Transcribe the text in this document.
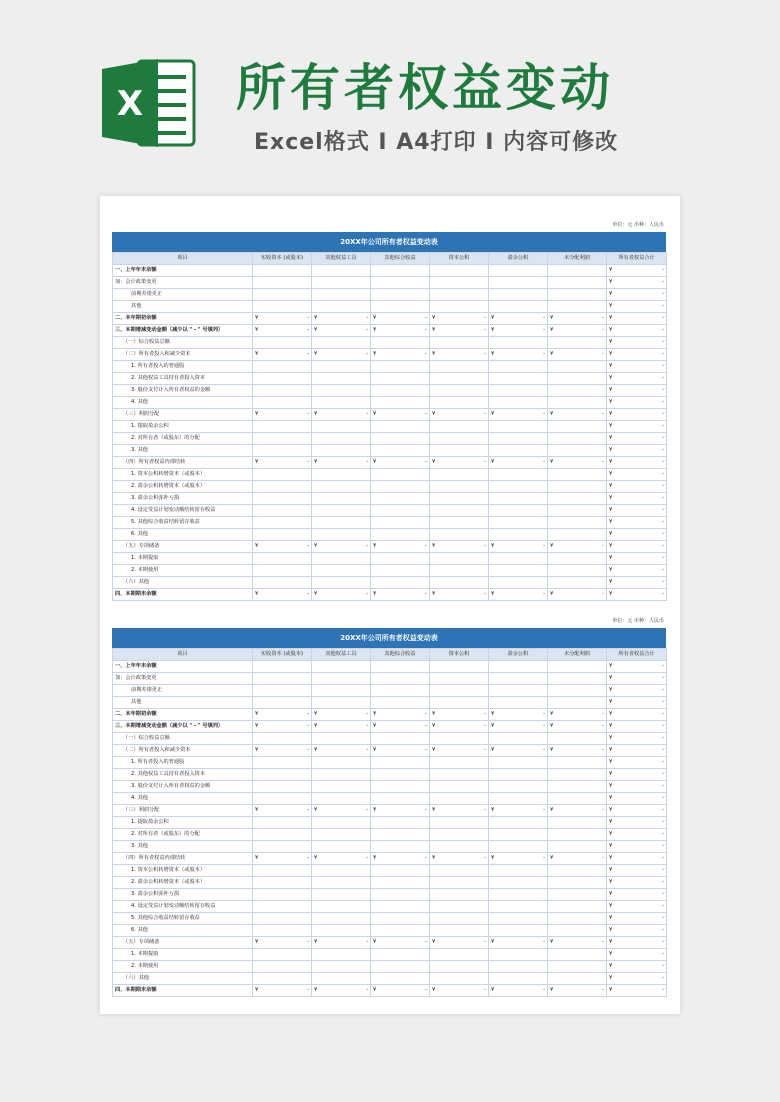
X 所有者权益变动
Excel格式 I A4打印 I 内容可修改
单位：元 币种：人民币
20XX年公司所有者权益变动表
项目	实收资本 (或股本)	其他权益工具	其他综合收益	资本公积	盈余公积	未分配利润	所有者权益合计
一、上年年末余额							¥ -

加：会计政策变更							¥ -

前期差错更正							¥ -

其他							¥ -

二、本年期初余额	¥ -	¥ -	¥ -	¥ -	¥ -	¥ -	¥ -

三、本期增减变动金额（减少以 " - " 号填列）	¥ -	¥ -	¥ -	¥ -	¥ -	¥ -	¥ -

（一）综合收益总额							¥ -

（二）所有者投入和减少资本	¥ -	¥ -	¥ -	¥ -	¥ -	¥ -	¥ -

1. 所有者投入的普通股							¥ -

2. 其他权益工具持有者投入资本							¥ -

3. 股份支付计入所有者权益的金额							¥ -

4. 其他							¥ -

（三）利润分配	¥ -	¥ -	¥ -	¥ -	¥ -	¥ -	¥ -

1. 提取盈余公积							¥ -

2. 对所有者（或股东）的分配							¥ -

3. 其他							¥ -

（四）所有者权益内部结转	¥ -	¥ -	¥ -	¥ -	¥ -	¥ -	¥ -

1. 资本公积转增资本（或股本）							¥ -

2. 盈余公积转增资本（或股本）							¥ -

3. 盈余公积弥补亏损							¥ -

4. 设定受益计划变动额结转留存收益							¥ -

5. 其他综合收益结转留存收益							¥ -

6. 其他							¥ -

（五）专项储备	¥ -	¥ -	¥ -	¥ -	¥ -	¥ -	¥ -

1. 本期提取							¥ -

2. 本期使用							¥ -

（六）其他							¥ -

四、本期期末余额	¥ -	¥ -	¥ -	¥ -	¥ -	¥ -	¥ -
单位：元 币种：人民币
20XX年公司所有者权益变动表
项目	实收资本 (或股本)	其他权益工具	其他综合收益	资本公积	盈余公积	未分配利润	所有者权益合计
一、上年年末余额							¥ -

加：会计政策变更							¥ -

前期差错更正							¥ -

其他							¥ -

二、本年期初余额	¥ -	¥ -	¥ -	¥ -	¥ -	¥ -	¥ -

三、本期增减变动金额（减少以 " - " 号填列）	¥ -	¥ -	¥ -	¥ -	¥ -	¥ -	¥ -

（一）综合收益总额							¥ -

（二）所有者投入和减少资本	¥ -	¥ -	¥ -	¥ -	¥ -	¥ -	¥ -

1. 所有者投入的普通股							¥ -

2. 其他权益工具持有者投入资本							¥ -

3. 股份支付计入所有者权益的金额							¥ -

4. 其他							¥ -

（三）利润分配	¥ -	¥ -	¥ -	¥ -	¥ -	¥ -	¥ -

1. 提取盈余公积							¥ -

2. 对所有者（或股东）的分配							¥ -

3. 其他							¥ -

（四）所有者权益内部结转	¥ -	¥ -	¥ -	¥ -	¥ -	¥ -	¥ -

1. 资本公积转增资本（或股本）							¥ -

2. 盈余公积转增资本（或股本）							¥ -

3. 盈余公积弥补亏损							¥ -

4. 设定受益计划变动额结转留存收益							¥ -

5. 其他综合收益结转留存收益							¥ -

6. 其他							¥ -

（五）专项储备	¥ -	¥ -	¥ -	¥ -	¥ -	¥ -	¥ -

1. 本期提取							¥ -

2. 本期使用							¥ -

（六）其他							¥ -

四、本期期末余额	¥ -	¥ -	¥ -	¥ -	¥ -	¥ -	¥ -
